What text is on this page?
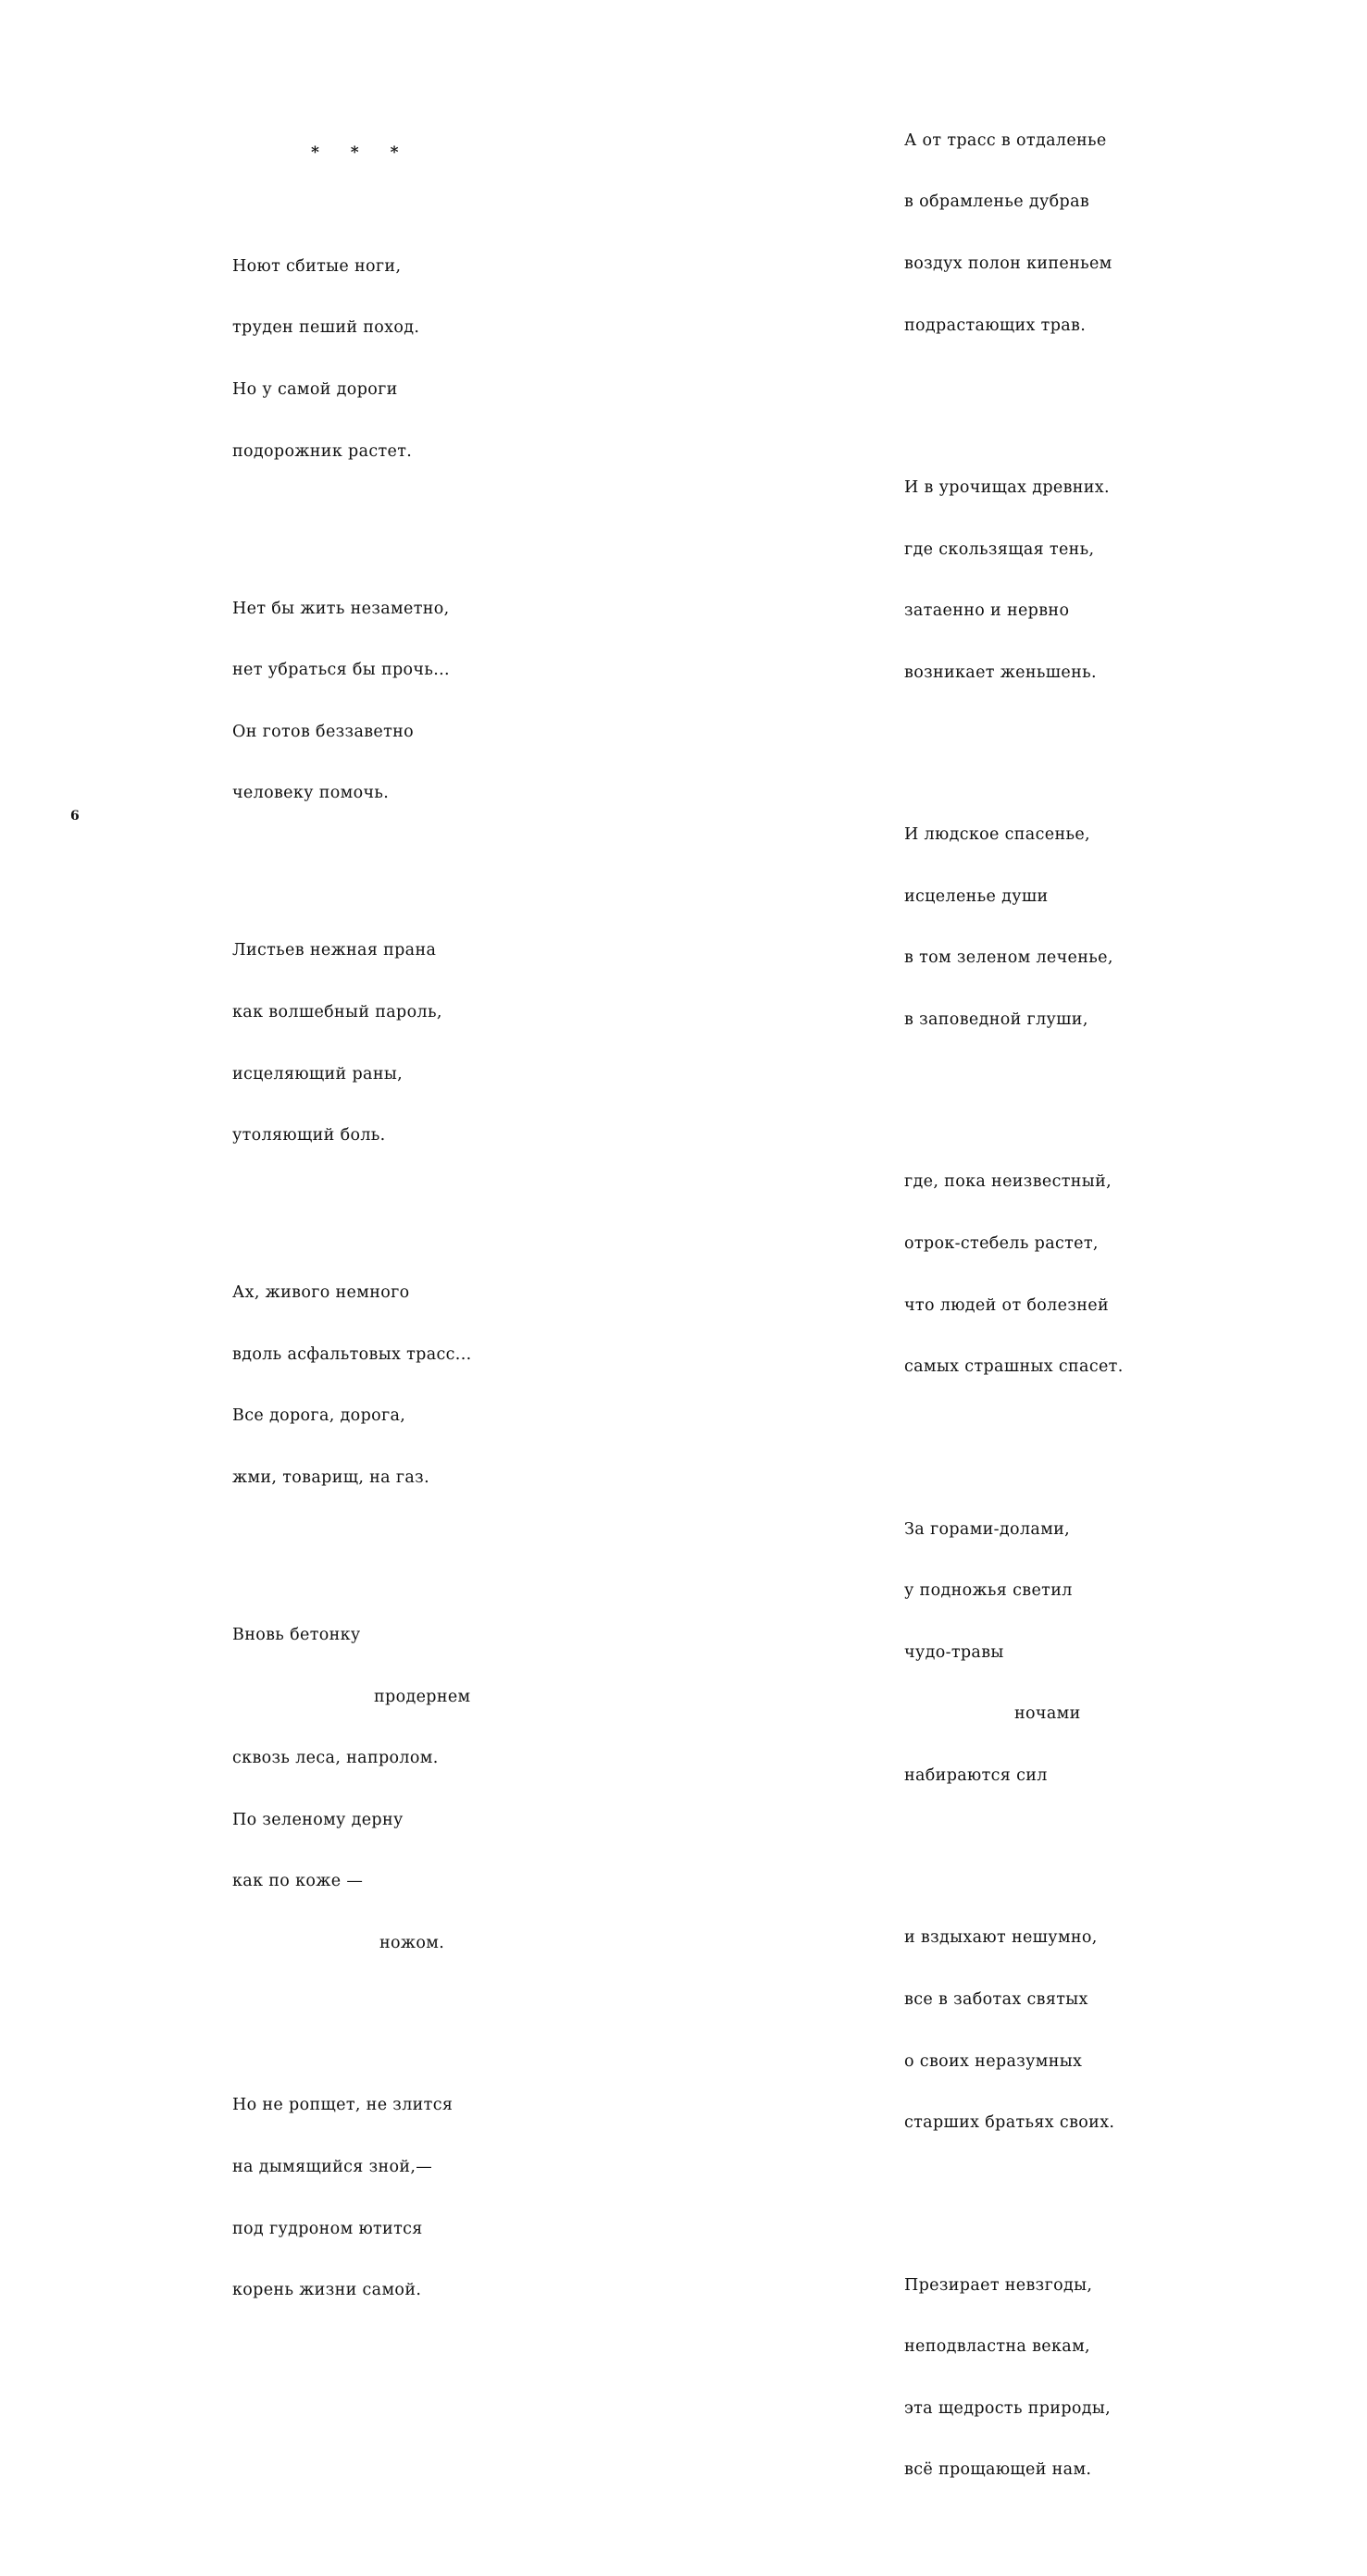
* * *

Ноют сбитые ноги,

труден пеший поход.

Но у самой дороги

подорожник растет.

Нет бы жить незаметно,

нет убраться бы прочь...

Он готов беззаветно

человеку помочь.

Листьев нежная прана

как волшебный пароль,

исцеляющий раны,

утоляющий боль.

Ах, живого немного

вдоль асфальтовых трасс...

Все дорога, дорога,

жми, товарищ, на газ.

Вновь бетонку

продернем

сквозь леса, напролом.

По зеленому дерну

как по коже —

ножом.

Но не ропщет, не злится

на дымящийся зной,—

под гудроном ютится

корень жизни самой.

6

А от трасс в отдаленье

в обрамленье дубрав

воздух полон кипеньем

подрастающих трав.

И в урочищах древних.

где скользящая тень,

затаенно и нервно

возникает женьшень.

И людское спасенье,

исцеленье души

в том зеленом леченье,

в заповедной глуши,

где, пока неизвестный,

отрок-стебель растет,

что людей от болезней

самых страшных спасет.

За горами-долами,

у подножья светил

чудо-травы

ночами

набираются сил

и вздыхают нешумно,

все в заботах святых

о своих неразумных

старших братьях своих.

Презирает невзгоды,

неподвластна векам,

эта щедрость природы,

всё прощающей нам.
